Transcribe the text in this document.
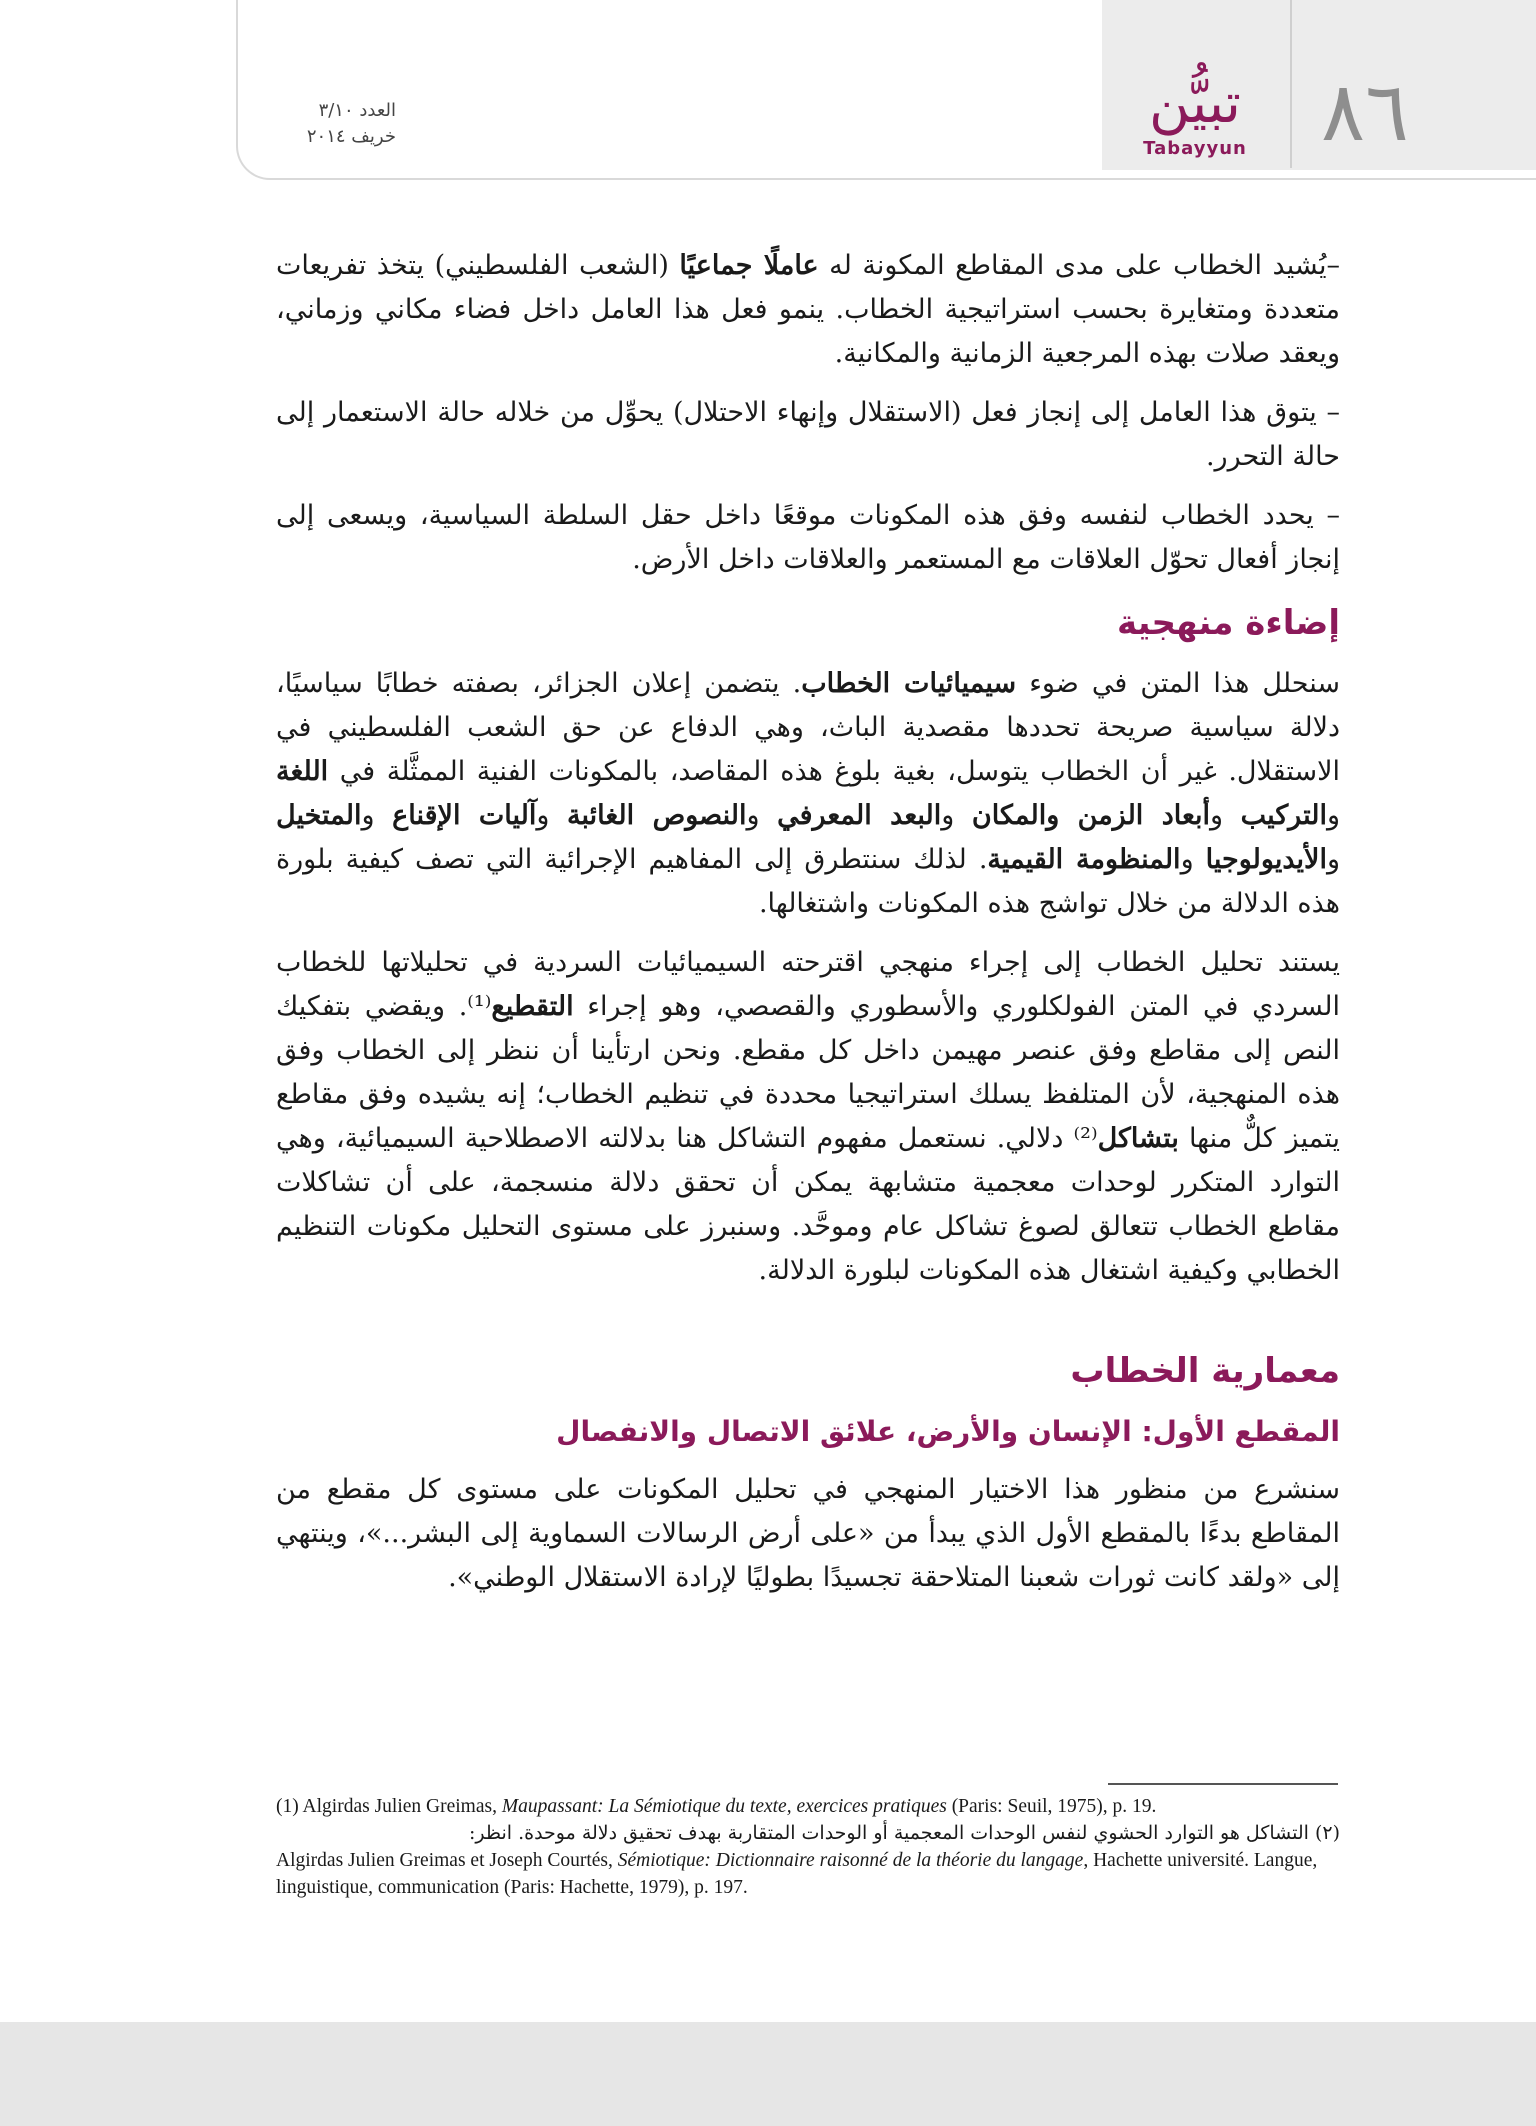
٨٦
تبيُّن
Tabayyun
العدد ٣/١٠
خريف ٢٠١٤

–يُشيد الخطاب على مدى المقاطع المكونة له عاملًا جماعيًا (الشعب الفلسطيني) يتخذ تفريعات متعددة ومتغايرة بحسب استراتيجية الخطاب. ينمو فعل هذا العامل داخل فضاء مكاني وزماني، ويعقد صلات بهذه المرجعية الزمانية والمكانية.

– يتوق هذا العامل إلى إنجاز فعل (الاستقلال وإنهاء الاحتلال) يحوِّل من خلاله حالة الاستعمار إلى حالة التحرر.

– يحدد الخطاب لنفسه وفق هذه المكونات موقعًا داخل حقل السلطة السياسية، ويسعى إلى إنجاز أفعال تحوّل العلاقات مع المستعمر والعلاقات داخل الأرض.

إضاءة منهجية

سنحلل هذا المتن في ضوء سيميائيات الخطاب. يتضمن إعلان الجزائر، بصفته خطابًا سياسيًا، دلالة سياسية صريحة تحددها مقصدية الباث، وهي الدفاع عن حق الشعب الفلسطيني في الاستقلال. غير أن الخطاب يتوسل، بغية بلوغ هذه المقاصد، بالمكونات الفنية الممثَّلة في اللغة والتركيب وأبعاد الزمن والمكان والبعد المعرفي والنصوص الغائبة وآليات الإقناع والمتخيل والأيديولوجيا والمنظومة القيمية. لذلك سنتطرق إلى المفاهيم الإجرائية التي تصف كيفية بلورة هذه الدلالة من خلال تواشج هذه المكونات واشتغالها.

يستند تحليل الخطاب إلى إجراء منهجي اقترحته السيميائيات السردية في تحليلاتها للخطاب السردي في المتن الفولكلوري والأسطوري والقصصي، وهو إجراء التقطيع⁽¹⁾. ويقضي بتفكيك النص إلى مقاطع وفق عنصر مهيمن داخل كل مقطع. ونحن ارتأينا أن ننظر إلى الخطاب وفق هذه المنهجية، لأن المتلفظ يسلك استراتيجيا محددة في تنظيم الخطاب؛ إنه يشيده وفق مقاطع يتميز كلٌّ منها بتشاكل⁽²⁾ دلالي. نستعمل مفهوم التشاكل هنا بدلالته الاصطلاحية السيميائية، وهي التوارد المتكرر لوحدات معجمية متشابهة يمكن أن تحقق دلالة منسجمة، على أن تشاكلات مقاطع الخطاب تتعالق لصوغ تشاكل عام وموحَّد. وسنبرز على مستوى التحليل مكونات التنظيم الخطابي وكيفية اشتغال هذه المكونات لبلورة الدلالة.

معمارية الخطاب
المقطع الأول: الإنسان والأرض، علائق الاتصال والانفصال

سنشرع من منظور هذا الاختيار المنهجي في تحليل المكونات على مستوى كل مقطع من المقاطع بدءًا بالمقطع الأول الذي يبدأ من «على أرض الرسالات السماوية إلى البشر...»، وينتهي إلى «ولقد كانت ثورات شعبنا المتلاحقة تجسيدًا بطوليًا لإرادة الاستقلال الوطني».

(1) Algirdas Julien Greimas, Maupassant: La Sémiotique du texte, exercices pratiques (Paris: Seuil, 1975), p. 19.

(٢) التشاكل هو التوارد الحشوي لنفس الوحدات المعجمية أو الوحدات المتقاربة بهدف تحقيق دلالة موحدة. انظر:

Algirdas Julien Greimas et Joseph Courtés, Sémiotique: Dictionnaire raisonné de la théorie du langage, Hachette université. Langue, linguistique, communication (Paris: Hachette, 1979), p. 197.
